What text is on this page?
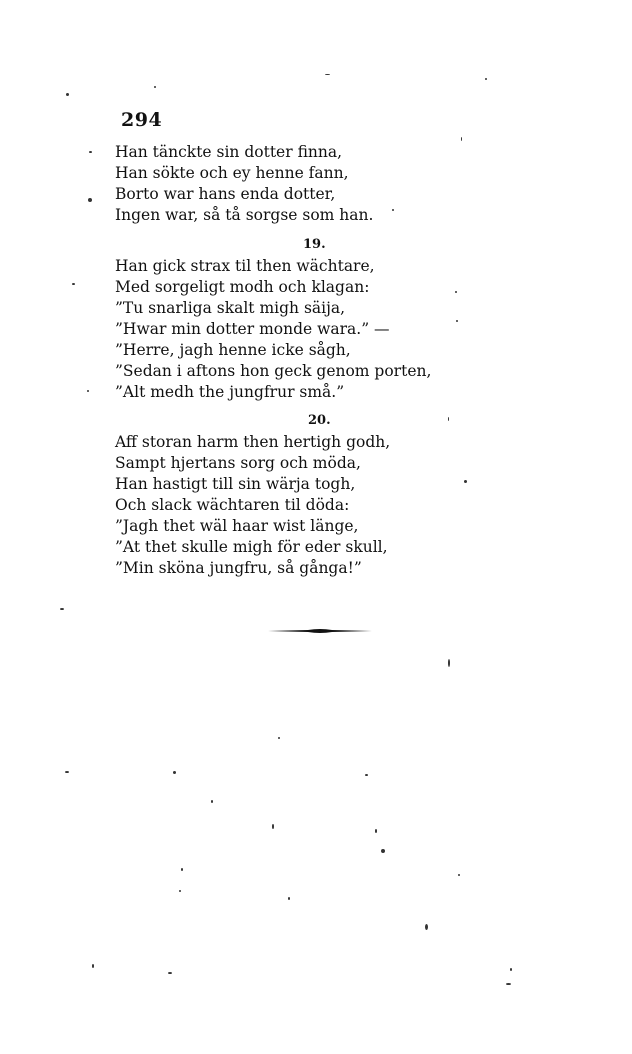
294
Han tänckte sin dotter finna,
Han sökte och ey henne fann,
Borto war hans enda dotter,
Ingen war, så tå sorgse som han.
19.
Han gick strax til then wächtare,
Med sorgeligt modh och klagan:
”Tu snarliga skalt migh säija,
”Hwar min dotter monde wara.” —
”Herre, jagh henne icke sågh,
”Sedan i aftons hon geck genom porten,
”Alt medh the jungfrur små.”
20.
Aff storan harm then hertigh godh,
Sampt hjertans sorg och möda,
Han hastigt till sin wärja togh,
Och slack wächtaren til döda:
”Jagh thet wäl haar wist länge,
”At thet skulle migh för eder skull,
”Min sköna jungfru, så gånga!”
